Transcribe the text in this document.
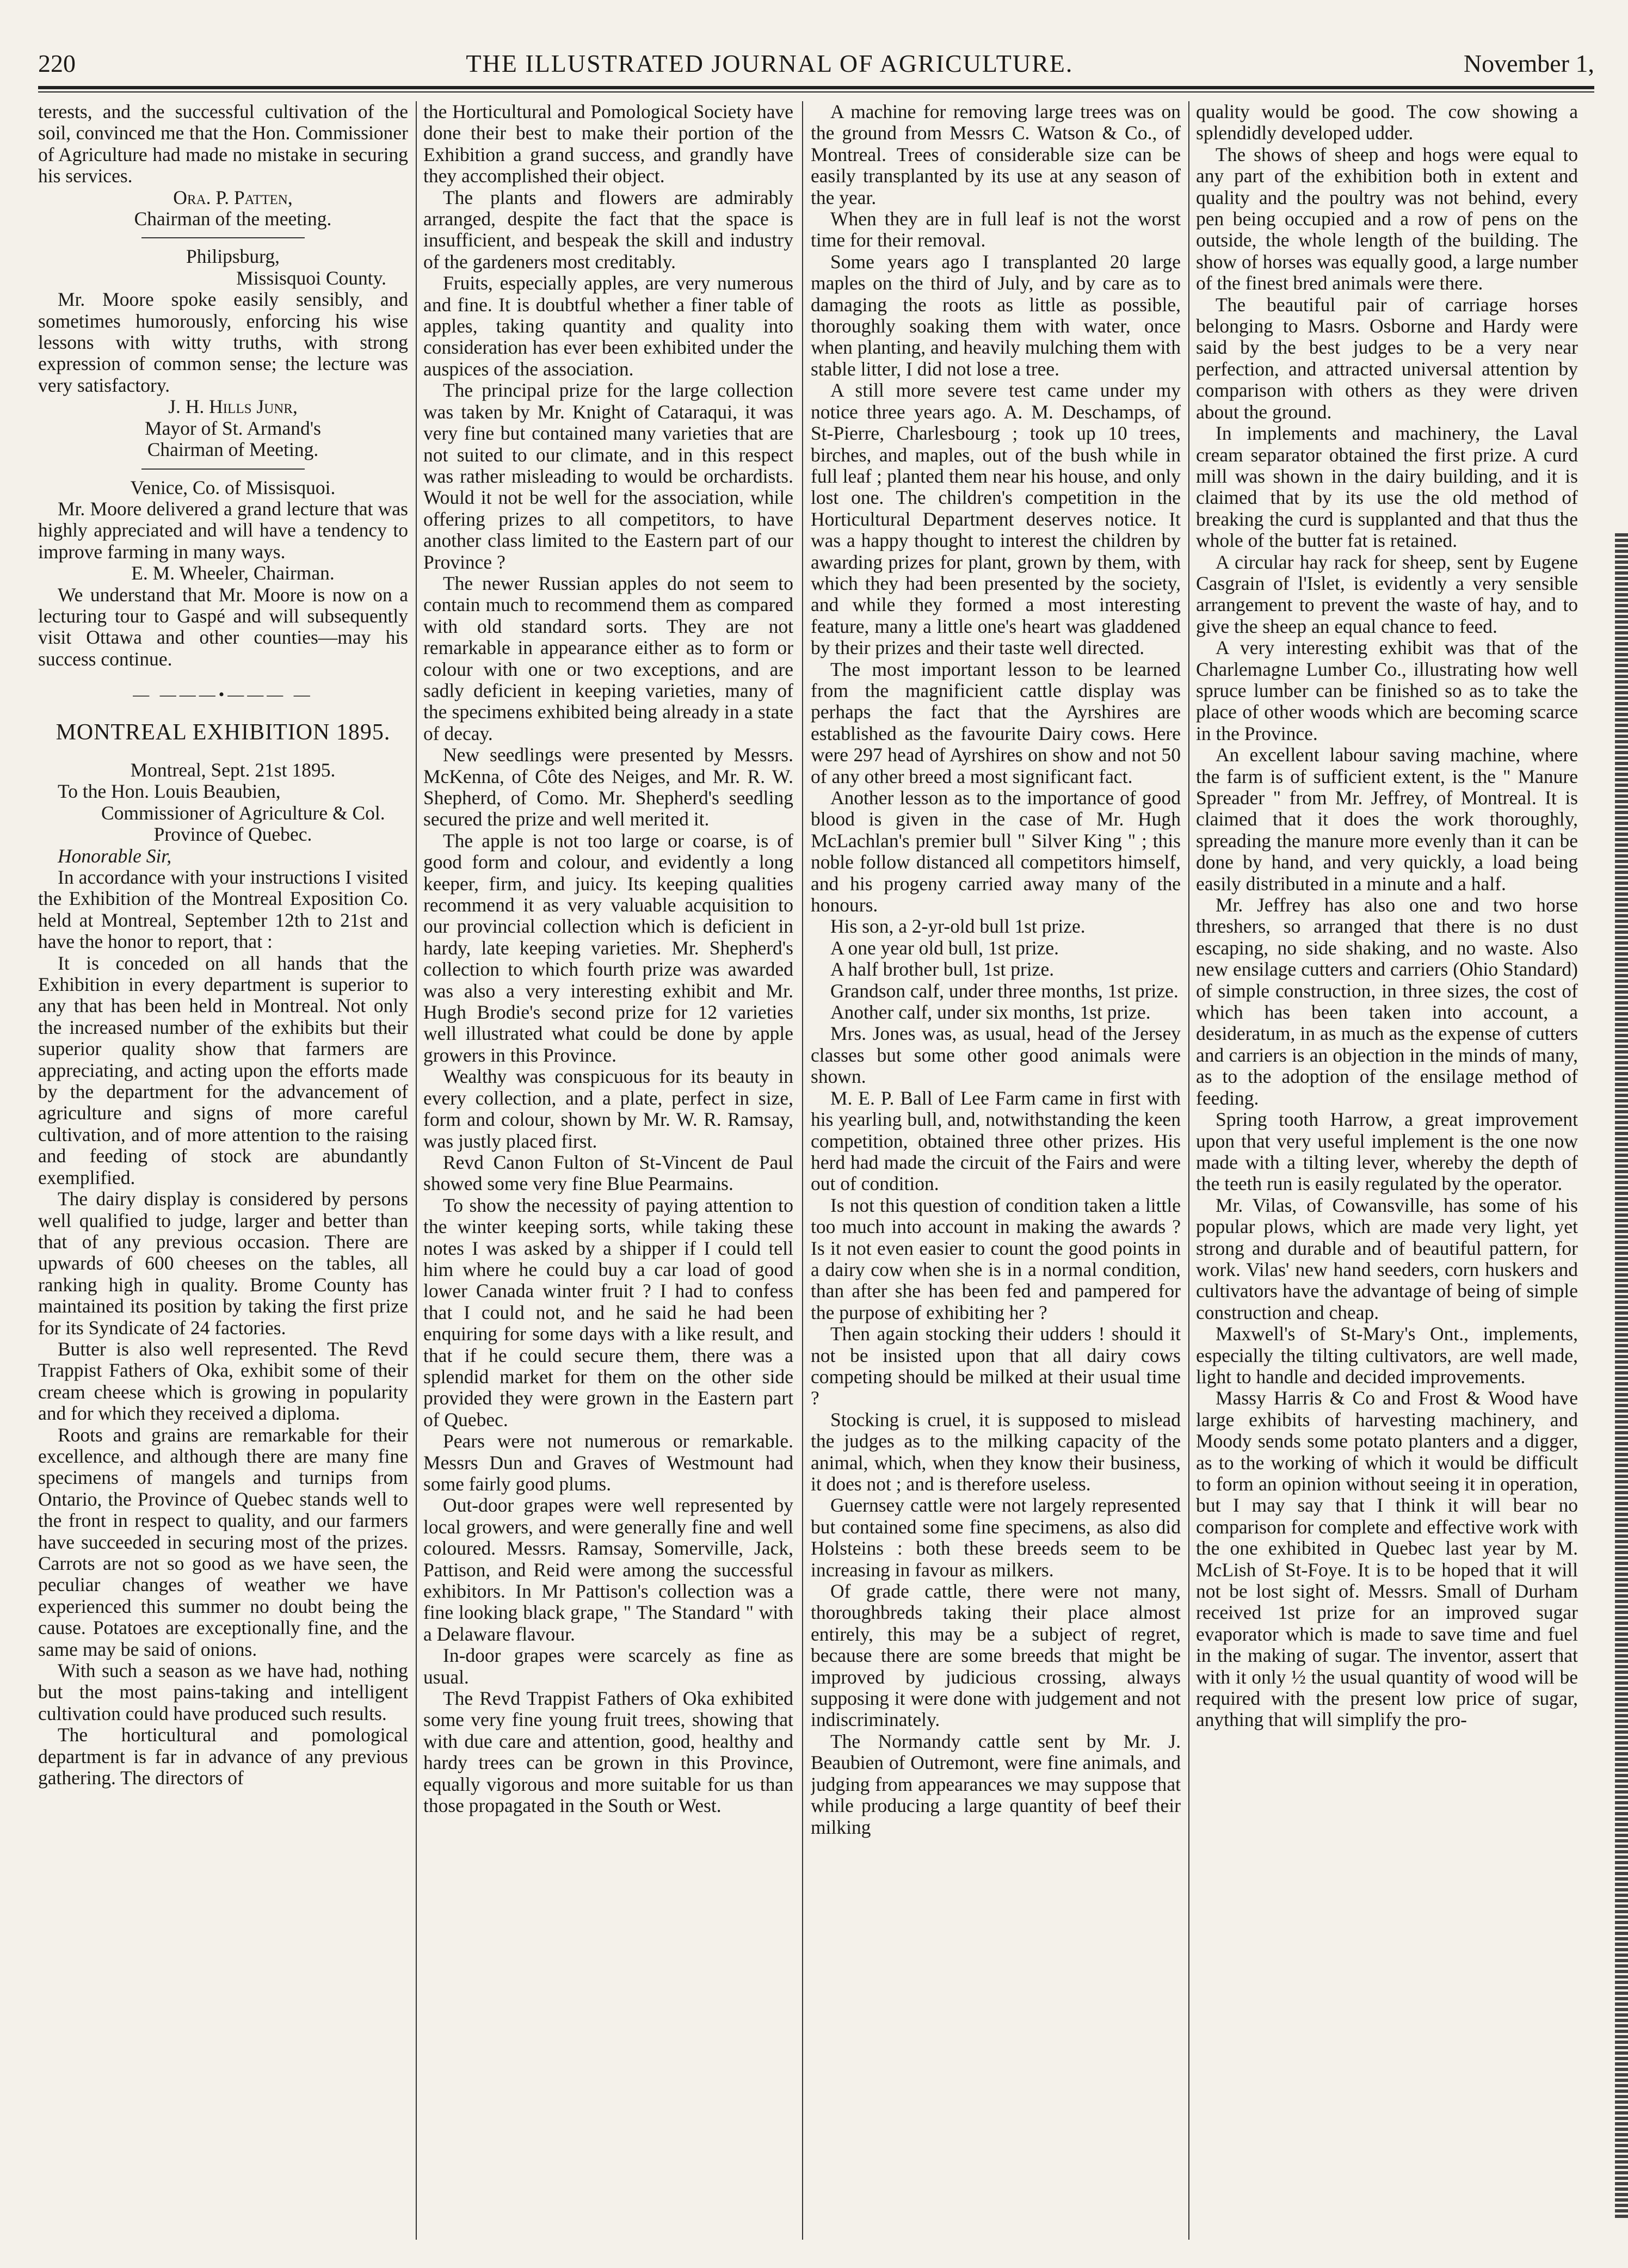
220	THE ILLUSTRATED JOURNAL OF AGRICULTURE.	November 1,

terests, and the successful cultivation of the soil, convinced me that the Hon. Commissioner of Agriculture had made no mistake in securing his services.

Ora. P. Patten,

Chairman of the meeting.

Philipsburg,

Missisquoi County.

Mr. Moore spoke easily sensibly, and sometimes humorously, enforcing his wise lessons with witty truths, with strong expression of common sense; the lecture was very satisfactory.

J. H. Hills Junr,

Mayor of St. Armand's

Chairman of Meeting.

Venice, Co. of Missisquoi.

Mr. Moore delivered a grand lecture that was highly appreciated and will have a tendency to improve farming in many ways.

E. M. Wheeler, Chairman.

We understand that Mr. Moore is now on a lecturing tour to Gaspé and will subsequently visit Ottawa and other counties—may his success continue.

— ———•——— —
MONTREAL EXHIBITION 1895.

Montreal, Sept. 21st 1895.

To the Hon. Louis Beaubien,

Commissioner of Agriculture & Col.

Province of Quebec.

Honorable Sir,

In accordance with your instructions I visited the Exhibition of the Montreal Exposition Co. held at Montreal, September 12th to 21st and have the honor to report, that :

It is conceded on all hands that the Exhibition in every department is superior to any that has been held in Montreal. Not only the increased number of the exhibits but their superior quality show that farmers are appreciating, and acting upon the efforts made by the department for the advancement of agriculture and signs of more careful cultivation, and of more attention to the raising and feeding of stock are abundantly exemplified.

The dairy display is considered by persons well qualified to judge, larger and better than that of any previous occasion. There are upwards of 600 cheeses on the tables, all ranking high in quality. Brome County has maintained its position by taking the first prize for its Syndicate of 24 factories.

Butter is also well represented. The Revd Trappist Fathers of Oka, exhibit some of their cream cheese which is growing in popularity and for which they received a diploma.

Roots and grains are remarkable for their excellence, and although there are many fine specimens of mangels and turnips from Ontario, the Province of Quebec stands well to the front in respect to quality, and our farmers have succeeded in securing most of the prizes. Carrots are not so good as we have seen, the peculiar changes of weather we have experienced this summer no doubt being the cause. Potatoes are exceptionally fine, and the same may be said of onions.

With such a season as we have had, nothing but the most pains-taking and intelligent cultivation could have produced such results.

The horticultural and pomological department is far in advance of any previous gathering. The directors of

the Horticultural and Pomological Society have done their best to make their portion of the Exhibition a grand success, and grandly have they accomplished their object.

The plants and flowers are admirably arranged, despite the fact that the space is insufficient, and bespeak the skill and industry of the gardeners most creditably.

Fruits, especially apples, are very numerous and fine. It is doubtful whether a finer table of apples, taking quantity and quality into consideration has ever been exhibited under the auspices of the association.

The principal prize for the large collection was taken by Mr. Knight of Cataraqui, it was very fine but contained many varieties that are not suited to our climate, and in this respect was rather misleading to would be orchardists. Would it not be well for the association, while offering prizes to all competitors, to have another class limited to the Eastern part of our Province ?

The newer Russian apples do not seem to contain much to recommend them as compared with old standard sorts. They are not remarkable in appearance either as to form or colour with one or two exceptions, and are sadly deficient in keeping varieties, many of the specimens exhibited being already in a state of decay.

New seedlings were presented by Messrs. McKenna, of Côte des Neiges, and Mr. R. W. Shepherd, of Como. Mr. Shepherd's seedling secured the prize and well merited it.

The apple is not too large or coarse, is of good form and colour, and evidently a long keeper, firm, and juicy. Its keeping qualities recommend it as very valuable acquisition to our provincial collection which is deficient in hardy, late keeping varieties. Mr. Shepherd's collection to which fourth prize was awarded was also a very interesting exhibit and Mr. Hugh Brodie's second prize for 12 varieties well illustrated what could be done by apple growers in this Province.

Wealthy was conspicuous for its beauty in every collection, and a plate, perfect in size, form and colour, shown by Mr. W. R. Ramsay, was justly placed first.

Revd Canon Fulton of St-Vincent de Paul showed some very fine Blue Pearmains.

To show the necessity of paying attention to the winter keeping sorts, while taking these notes I was asked by a shipper if I could tell him where he could buy a car load of good lower Canada winter fruit ? I had to confess that I could not, and he said he had been enquiring for some days with a like result, and that if he could secure them, there was a splendid market for them on the other side provided they were grown in the Eastern part of Quebec.

Pears were not numerous or remarkable. Messrs Dun and Graves of Westmount had some fairly good plums.

Out-door grapes were well represented by local growers, and were generally fine and well coloured. Messrs. Ramsay, Somerville, Jack, Pattison, and Reid were among the successful exhibitors. In Mr Pattison's collection was a fine looking black grape, " The Standard " with a Delaware flavour.

In-door grapes were scarcely as fine as usual.

The Revd Trappist Fathers of Oka exhibited some very fine young fruit trees, showing that with due care and attention, good, healthy and hardy trees can be grown in this Province, equally vigorous and more suitable for us than those propagated in the South or West.

A machine for removing large trees was on the ground from Messrs C. Watson & Co., of Montreal. Trees of considerable size can be easily transplanted by its use at any season of the year.

When they are in full leaf is not the worst time for their removal.

Some years ago I transplanted 20 large maples on the third of July, and by care as to damaging the roots as little as possible, thoroughly soaking them with water, once when planting, and heavily mulching them with stable litter, I did not lose a tree.

A still more severe test came under my notice three years ago. A. M. Deschamps, of St-Pierre, Charlesbourg ; took up 10 trees, birches, and maples, out of the bush while in full leaf ; planted them near his house, and only lost one. The children's competition in the Horticultural Department deserves notice. It was a happy thought to interest the children by awarding prizes for plant, grown by them, with which they had been presented by the society, and while they formed a most interesting feature, many a little one's heart was gladdened by their prizes and their taste well directed.

The most important lesson to be learned from the magnificient cattle display was perhaps the fact that the Ayrshires are established as the favourite Dairy cows. Here were 297 head of Ayrshires on show and not 50 of any other breed a most significant fact.

Another lesson as to the importance of good blood is given in the case of Mr. Hugh McLachlan's premier bull " Silver King " ; this noble follow distanced all competitors himself, and his progeny carried away many of the honours.

His son, a 2-yr-old bull 1st prize.

A one year old bull, 1st prize.

A half brother bull, 1st prize.

Grandson calf, under three months, 1st prize.

Another calf, under six months, 1st prize.

Mrs. Jones was, as usual, head of the Jersey classes but some other good animals were shown.

M. E. P. Ball of Lee Farm came in first with his yearling bull, and, notwithstanding the keen competition, obtained three other prizes. His herd had made the circuit of the Fairs and were out of condition.

Is not this question of condition taken a little too much into account in making the awards ? Is it not even easier to count the good points in a dairy cow when she is in a normal condition, than after she has been fed and pampered for the purpose of exhibiting her ?

Then again stocking their udders ! should it not be insisted upon that all dairy cows competing should be milked at their usual time ?

Stocking is cruel, it is supposed to mislead the judges as to the milking capacity of the animal, which, when they know their business, it does not ; and is therefore useless.

Guernsey cattle were not largely represented but contained some fine specimens, as also did Holsteins : both these breeds seem to be increasing in favour as milkers.

Of grade cattle, there were not many, thoroughbreds taking their place almost entirely, this may be a subject of regret, because there are some breeds that might be improved by judicious crossing, always supposing it were done with judgement and not indiscriminately.

The Normandy cattle sent by Mr. J. Beaubien of Outremont, were fine animals, and judging from appearances we may suppose that while producing a large quantity of beef their milking

quality would be good. The cow showing a splendidly developed udder.

The shows of sheep and hogs were equal to any part of the exhibition both in extent and quality and the poultry was not behind, every pen being occupied and a row of pens on the outside, the whole length of the building. The show of horses was equally good, a large number of the finest bred animals were there.

The beautiful pair of carriage horses belonging to Masrs. Osborne and Hardy were said by the best judges to be a very near perfection, and attracted universal attention by comparison with others as they were driven about the ground.

In implements and machinery, the Laval cream separator obtained the first prize. A curd mill was shown in the dairy building, and it is claimed that by its use the old method of breaking the curd is supplanted and that thus the whole of the butter fat is retained.

A circular hay rack for sheep, sent by Eugene Casgrain of l'Islet, is evidently a very sensible arrangement to prevent the waste of hay, and to give the sheep an equal chance to feed.

A very interesting exhibit was that of the Charlemagne Lumber Co., illustrating how well spruce lumber can be finished so as to take the place of other woods which are becoming scarce in the Province.

An excellent labour saving machine, where the farm is of sufficient extent, is the " Manure Spreader " from Mr. Jeffrey, of Montreal. It is claimed that it does the work thoroughly, spreading the manure more evenly than it can be done by hand, and very quickly, a load being easily distributed in a minute and a half.

Mr. Jeffrey has also one and two horse threshers, so arranged that there is no dust escaping, no side shaking, and no waste. Also new ensilage cutters and carriers (Ohio Standard) of simple construction, in three sizes, the cost of which has been taken into account, a desideratum, in as much as the expense of cutters and carriers is an objection in the minds of many, as to the adoption of the ensilage method of feeding.

Spring tooth Harrow, a great improvement upon that very useful implement is the one now made with a tilting lever, whereby the depth of the teeth run is easily regulated by the operator.

Mr. Vilas, of Cowansville, has some of his popular plows, which are made very light, yet strong and durable and of beautiful pattern, for work. Vilas' new hand seeders, corn huskers and cultivators have the advantage of being of simple construction and cheap.

Maxwell's of St-Mary's Ont., implements, especially the tilting cultivators, are well made, light to handle and decided improvements.

Massy Harris & Co and Frost & Wood have large exhibits of harvesting machinery, and Moody sends some potato planters and a digger, as to the working of which it would be difficult to form an opinion without seeing it in operation, but I may say that I think it will bear no comparison for complete and effective work with the one exhibited in Quebec last year by M. McLish of St-Foye. It is to be hoped that it will not be lost sight of. Messrs. Small of Durham received 1st prize for an improved sugar evaporator which is made to save time and fuel in the making of sugar. The inventor, assert that with it only ½ the usual quantity of wood will be required with the present low price of sugar, anything that will simplify the pro-
